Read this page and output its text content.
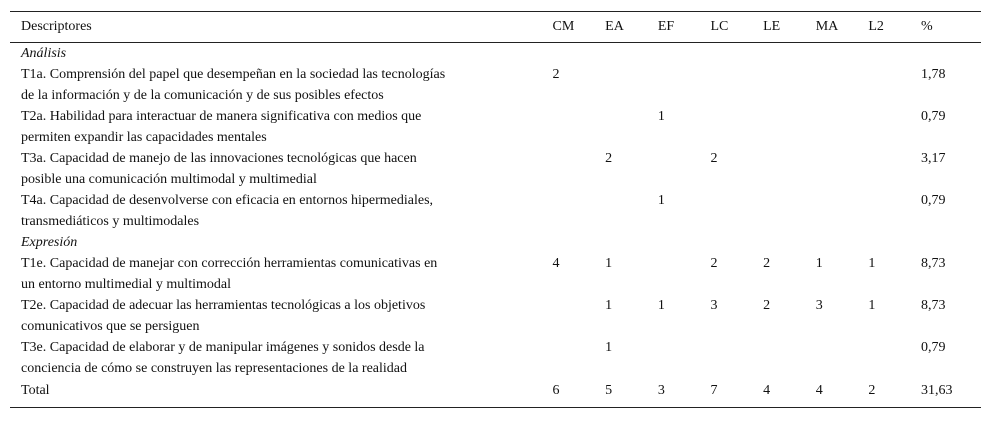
Descriptores	CM	EA	EF	LC	LE	MA	L2	%
Análisis								

T1a. Comprensión del papel que desempeñan en la sociedad las tecnologías
de la información y de la comunicación y de sus posibles efectos	2							1,78

T2a. Habilidad para interactuar de manera significativa con medios que
permiten expandir las capacidades mentales			1					0,79

T3a. Capacidad de manejo de las innovaciones tecnológicas que hacen
posible una comunicación multimodal y multimedial		2		2				3,17

T4a. Capacidad de desenvolverse con eficacia en entornos hipermediales,
transmediáticos y multimodales			1					0,79
Expresión								

T1e. Capacidad de manejar con corrección herramientas comunicativas en
un entorno multimedial y multimodal	4	1		2	2	1	1	8,73

T2e. Capacidad de adecuar las herramientas tecnológicas a los objetivos
comunicativos que se persiguen		1	1	3	2	3	1	8,73

T3e. Capacidad de elaborar y de manipular imágenes y sonidos desde la
conciencia de cómo se construyen las representaciones de la realidad		1						0,79
Total	6	5	3	7	4	4	2	31,63
